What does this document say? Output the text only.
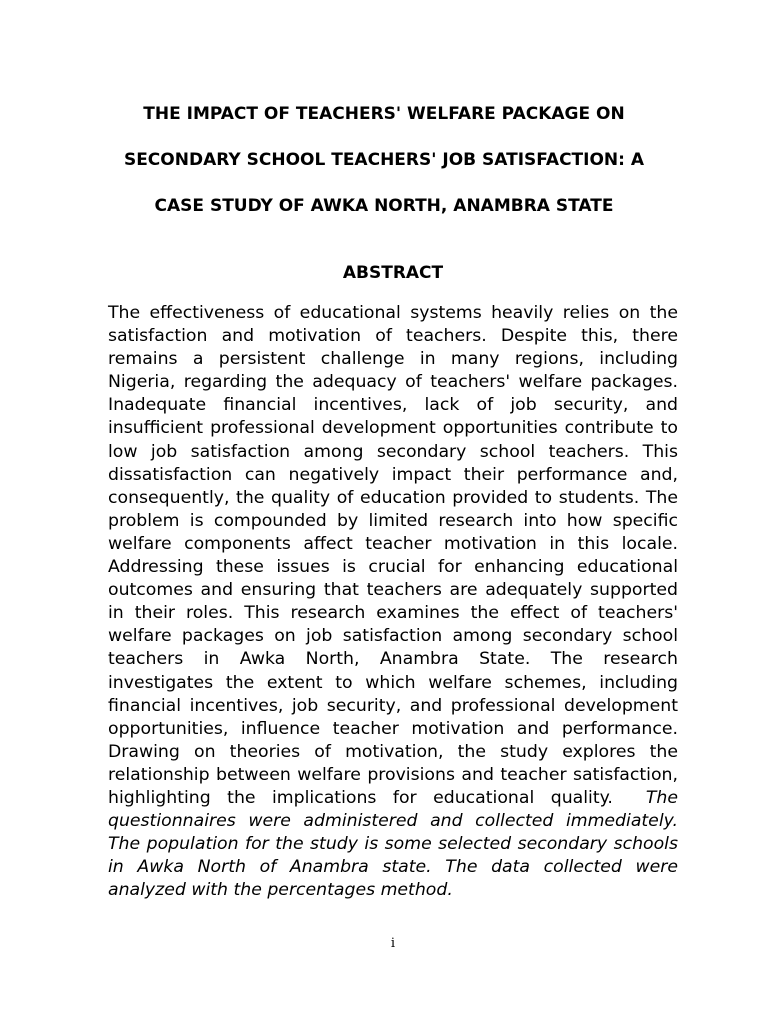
THE IMPACT OF TEACHERS' WELFARE PACKAGE ON
SECONDARY SCHOOL TEACHERS' JOB SATISFACTION: A
CASE STUDY OF AWKA NORTH, ANAMBRA STATE
ABSTRACT
The effectiveness of educational systems heavily relies on the satisfaction and motivation of teachers. Despite this, there remains a persistent challenge in many regions, including Nigeria, regarding the adequacy of teachers' welfare packages. Inadequate financial incentives, lack of job security, and insufficient professional development opportunities contribute to low job satisfaction among secondary school teachers. This dissatisfaction can negatively impact their performance and, consequently, the quality of education provided to students. The problem is compounded by limited research into how specific welfare components affect teacher motivation in this locale. Addressing these issues is crucial for enhancing educational outcomes and ensuring that teachers are adequately supported in their roles. This research examines the effect of teachers' welfare packages on job satisfaction among secondary school teachers in Awka North, Anambra State. The research investigates the extent to which welfare schemes, including financial incentives, job security, and professional development opportunities, influence teacher motivation and performance. Drawing on theories of motivation, the study explores the relationship between welfare provisions and teacher satisfaction, highlighting the implications for educational quality. The questionnaires were administered and collected immediately. The population for the study is some selected secondary schools in Awka North of Anambra state. The data collected were analyzed with the percentages method.
i
